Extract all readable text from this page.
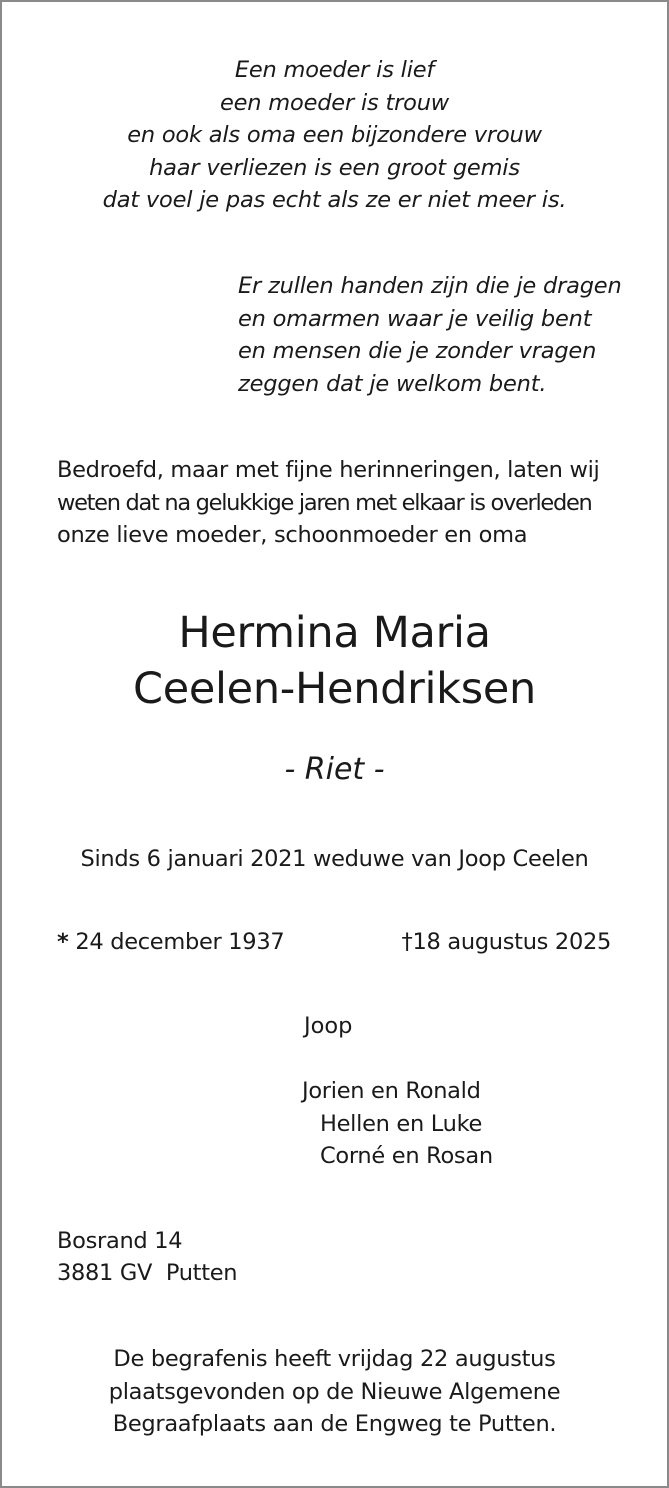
Een moeder is lief
een moeder is trouw
en ook als oma een bijzondere vrouw
haar verliezen is een groot gemis
dat voel je pas echt als ze er niet meer is.
Er zullen handen zijn die je dragen
en omarmen waar je veilig bent
en mensen die je zonder vragen
zeggen dat je welkom bent.
Bedroefd, maar met fijne herinneringen, laten wij
weten dat na gelukkige jaren met elkaar is overleden
onze lieve moeder, schoonmoeder en oma
Hermina Maria
Ceelen-Hendriksen
- Riet -
Sinds 6 januari 2021 weduwe van Joop Ceelen
* 24 december 1937	†18 augustus 2025
Joop
Jorien en Ronald
Hellen en Luke
Corné en Rosan
Bosrand 14
3881 GV  Putten
De begrafenis heeft vrijdag 22 augustus
plaatsgevonden op de Nieuwe Algemene
Begraafplaats aan de Engweg te Putten.
